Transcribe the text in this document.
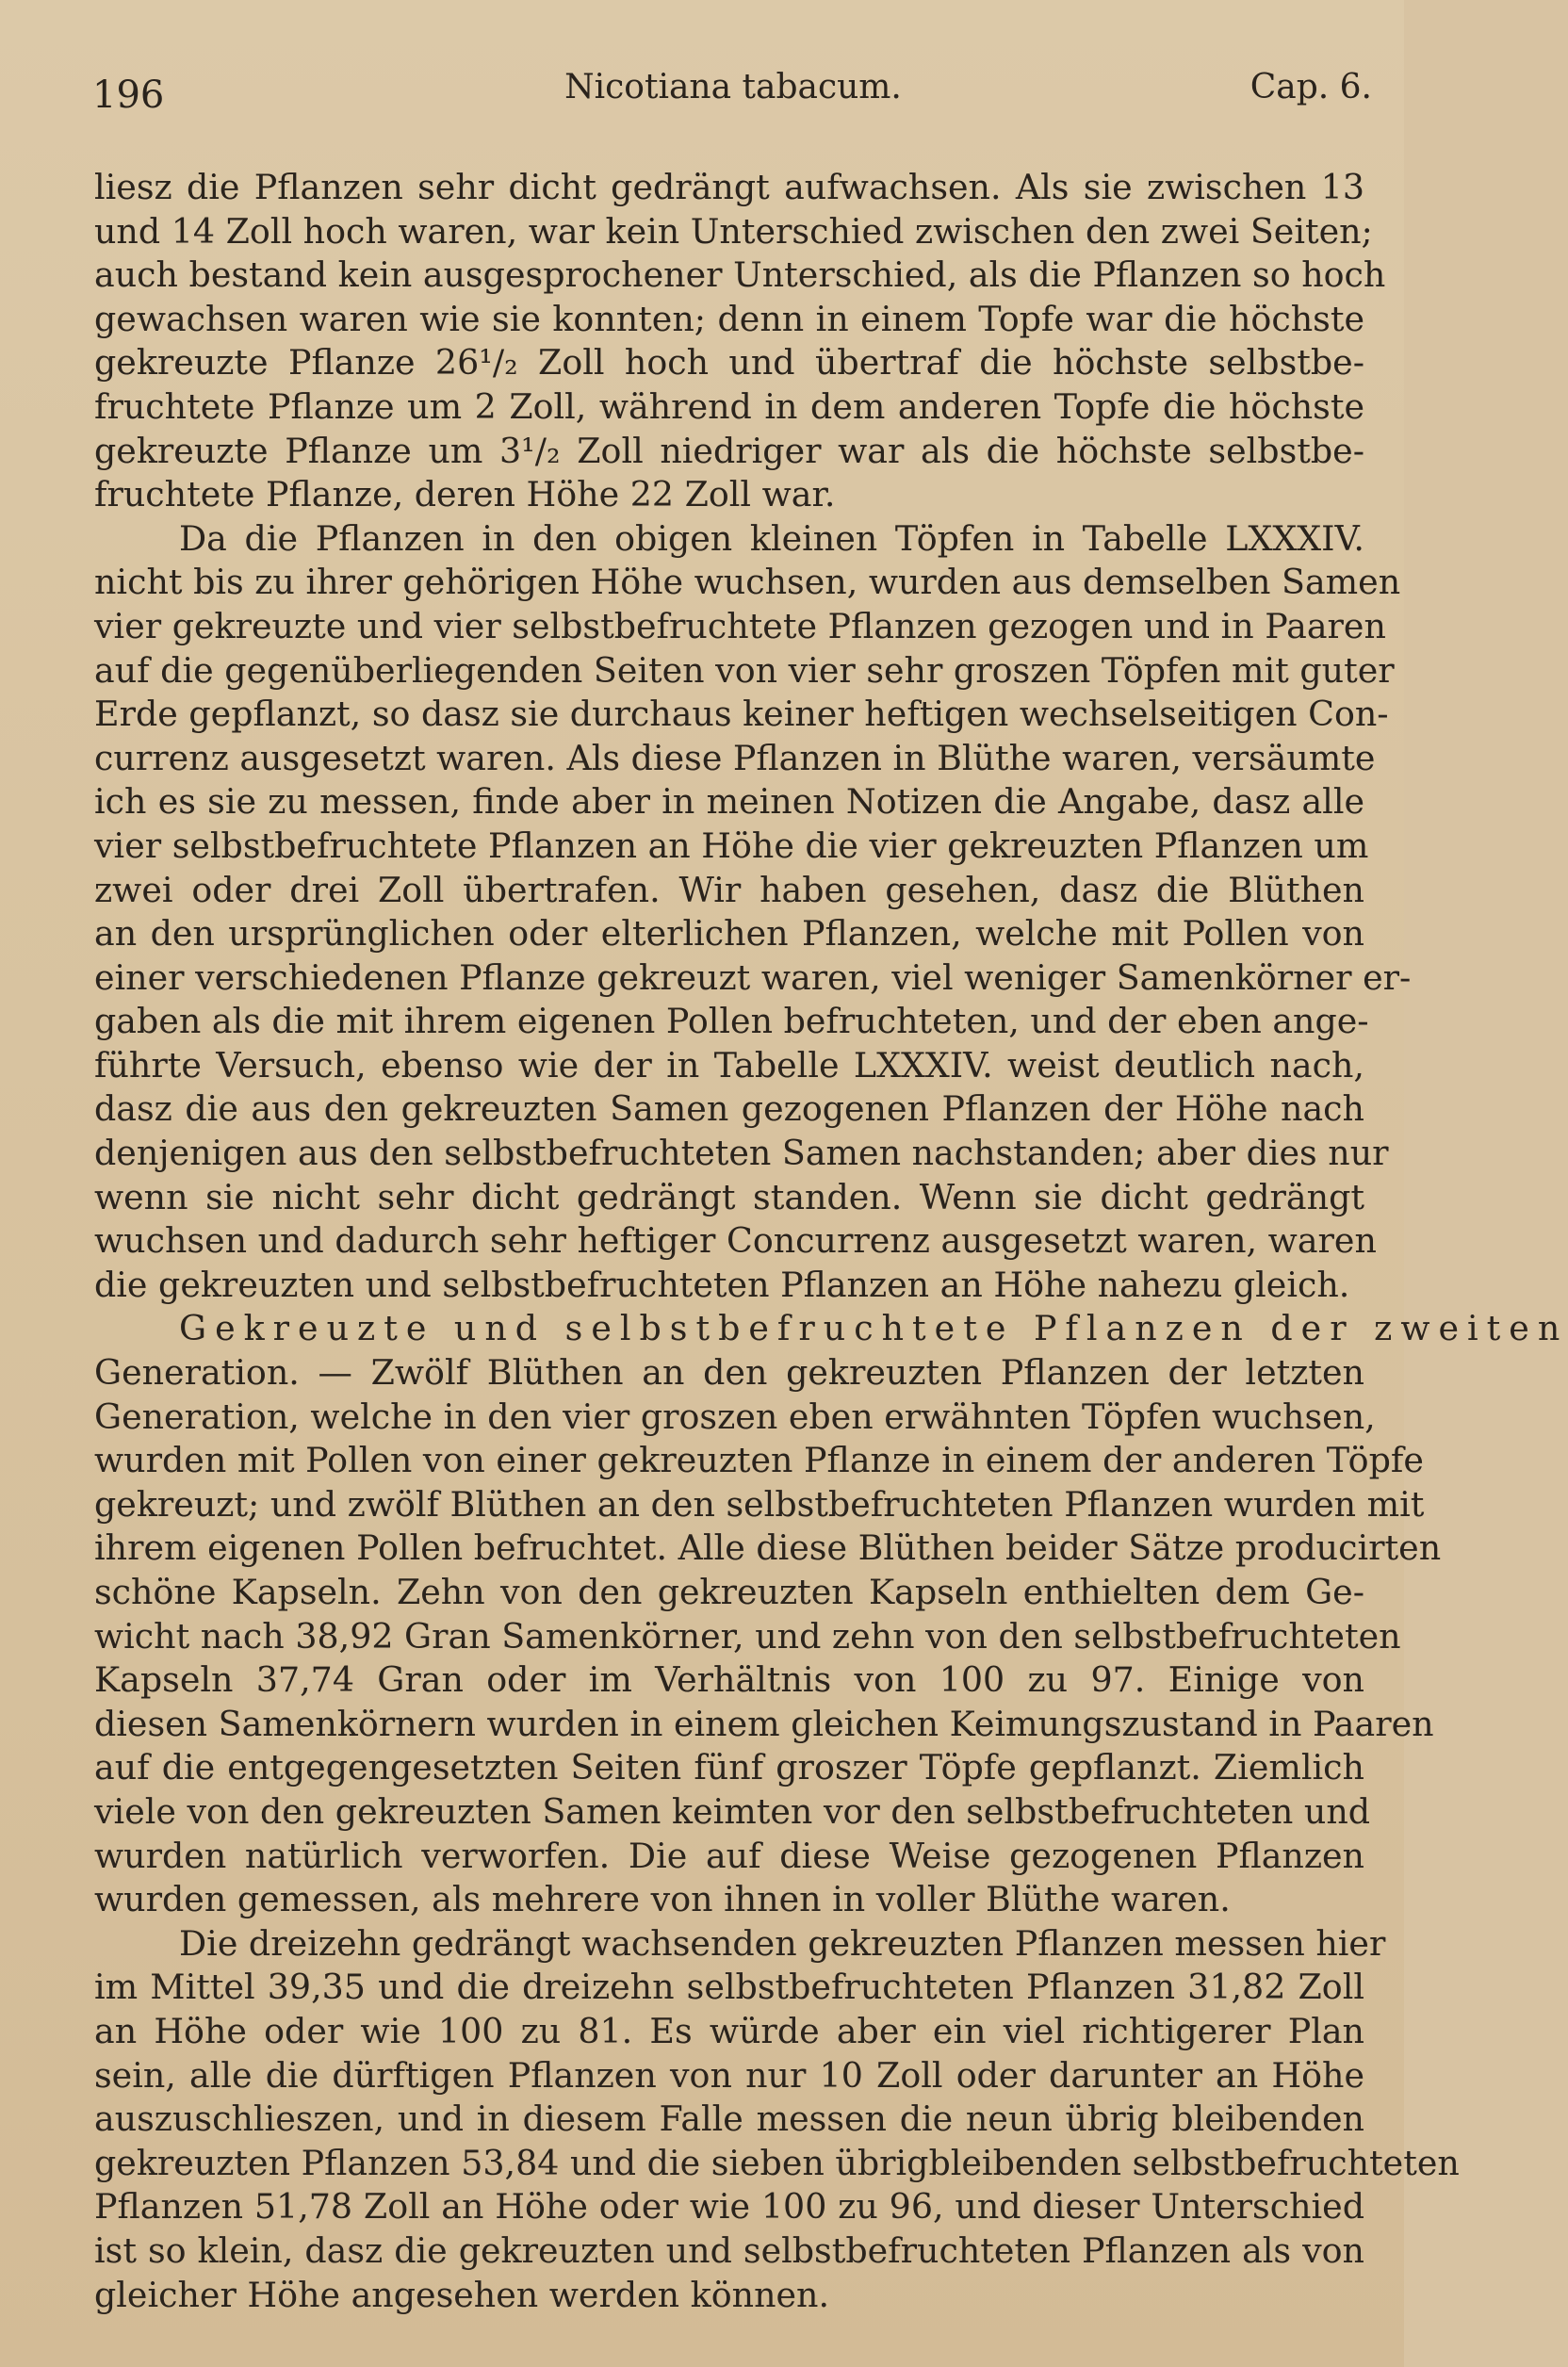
196	Nicotiana tabacum.	Cap. 6.
liesz die Pflanzen sehr dicht gedrängt aufwachsen. Als sie zwischen 13
und 14 Zoll hoch waren, war kein Unterschied zwischen den zwei Seiten;
auch bestand kein ausgesprochener Unterschied, als die Pflanzen so hoch
gewachsen waren wie sie konnten; denn in einem Topfe war die höchste
gekreuzte Pflanze 26¹/₂ Zoll hoch und übertraf die höchste selbstbe-
fruchtete Pflanze um 2 Zoll, während in dem anderen Topfe die höchste
gekreuzte Pflanze um 3¹/₂ Zoll niedriger war als die höchste selbstbe-
fruchtete Pflanze, deren Höhe 22 Zoll war.
Da die Pflanzen in den obigen kleinen Töpfen in Tabelle LXXXIV.
nicht bis zu ihrer gehörigen Höhe wuchsen, wurden aus demselben Samen
vier gekreuzte und vier selbstbefruchtete Pflanzen gezogen und in Paaren
auf die gegenüberliegenden Seiten von vier sehr groszen Töpfen mit guter
Erde gepflanzt, so dasz sie durchaus keiner heftigen wechselseitigen Con-
currenz ausgesetzt waren. Als diese Pflanzen in Blüthe waren, versäumte
ich es sie zu messen, finde aber in meinen Notizen die Angabe, dasz alle
vier selbstbefruchtete Pflanzen an Höhe die vier gekreuzten Pflanzen um
zwei oder drei Zoll übertrafen. Wir haben gesehen, dasz die Blüthen
an den ursprünglichen oder elterlichen Pflanzen, welche mit Pollen von
einer verschiedenen Pflanze gekreuzt waren, viel weniger Samenkörner er-
gaben als die mit ihrem eigenen Pollen befruchteten, und der eben ange-
führte Versuch, ebenso wie der in Tabelle LXXXIV. weist deutlich nach,
dasz die aus den gekreuzten Samen gezogenen Pflanzen der Höhe nach
denjenigen aus den selbstbefruchteten Samen nachstanden; aber dies nur
wenn sie nicht sehr dicht gedrängt standen. Wenn sie dicht gedrängt
wuchsen und dadurch sehr heftiger Concurrenz ausgesetzt waren, waren
die gekreuzten und selbstbefruchteten Pflanzen an Höhe nahezu gleich.
Gekreuzte und selbstbefruchtete Pflanzen der zweiten
Generation. — Zwölf Blüthen an den gekreuzten Pflanzen der letzten
Generation, welche in den vier groszen eben erwähnten Töpfen wuchsen,
wurden mit Pollen von einer gekreuzten Pflanze in einem der anderen Töpfe
gekreuzt; und zwölf Blüthen an den selbstbefruchteten Pflanzen wurden mit
ihrem eigenen Pollen befruchtet. Alle diese Blüthen beider Sätze producirten
schöne Kapseln. Zehn von den gekreuzten Kapseln enthielten dem Ge-
wicht nach 38,92 Gran Samenkörner, und zehn von den selbstbefruchteten
Kapseln 37,74 Gran oder im Verhältnis von 100 zu 97. Einige von
diesen Samenkörnern wurden in einem gleichen Keimungszustand in Paaren
auf die entgegengesetzten Seiten fünf groszer Töpfe gepflanzt. Ziemlich
viele von den gekreuzten Samen keimten vor den selbstbefruchteten und
wurden natürlich verworfen. Die auf diese Weise gezogenen Pflanzen
wurden gemessen, als mehrere von ihnen in voller Blüthe waren.
Die dreizehn gedrängt wachsenden gekreuzten Pflanzen messen hier
im Mittel 39,35 und die dreizehn selbstbefruchteten Pflanzen 31,82 Zoll
an Höhe oder wie 100 zu 81. Es würde aber ein viel richtigerer Plan
sein, alle die dürftigen Pflanzen von nur 10 Zoll oder darunter an Höhe
auszuschlieszen, und in diesem Falle messen die neun übrig bleibenden
gekreuzten Pflanzen 53,84 und die sieben übrigbleibenden selbstbefruchteten
Pflanzen 51,78 Zoll an Höhe oder wie 100 zu 96, und dieser Unterschied
ist so klein, dasz die gekreuzten und selbstbefruchteten Pflanzen als von
gleicher Höhe angesehen werden können.
